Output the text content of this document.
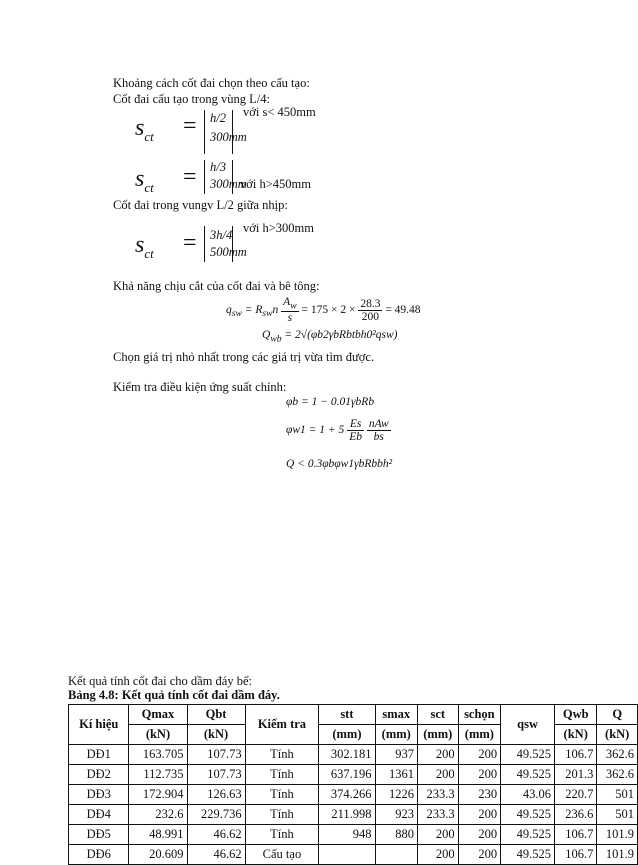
Khoảng cách cốt đai chọn theo cấu tạo:
Cốt đai cấu tạo trong vùng L/4:
$s_{ct} = h/2$
300mm
với s< 450mm
$s_{ct} = h/3$
300mm
với h>450mm
Cốt đai trong vungv L/2 giữa nhịp:
$s_{ct} = 3h/4$
500mm
với h>300mm
Khả năng chịu cắt của cốt đai và bê tông:
$q_{sw} = R_{sw}n \frac{A_w}{s} = 175 \times 2 \times \frac{28.3}{200} = 49.48$
$Q_{wb}$ = 2√(φb2γbRbtbh0²qsw)
Chọn giá trị nhỏ nhất trong các giá trị vừa tìm được.
Kiểm tra điều kiện ứng suất chính:
φb = 1 − 0.01γbRb
$\varphi w1 = 1 + 5 \frac{Es}{Eb}$
$\frac{\text{nAw}}{bs}$
Q < 0.3φbφw1γbRbbh²
Kết quả tính cốt đai cho dầm đáy bể:
Bảng 4.8: Kết quả tính cốt đai dầm đáy.
Kí hiệu	Qmax	Qbt	Kiểm tra	stt	smax	sct	schọn	qsw	Qwb	Q
	(kN)	(kN)		(mm)	(mm)	(mm)	(mm)		(kN)	(kN)
DĐ1	163.705	107.73	Tính	302.181	937	200	200	49.525	106.7	362.6
DĐ2	112.735	107.73	Tính	637.196	1361	200	200	49.525	201.3	362.6
DĐ3	172.904	126.63	Tính	374.266	1226	233.3	230	43.06	220.7	501
DĐ4	232.6	229.736	Tính	211.998	923	233.3	200	49.525	236.6	501
DĐ5	48.991	46.62	Tính	948	880	200	200	49.525	106.7	101.9
DĐ6	20.609	46.62	Cấu tạo			200	200	49.525	106.7	101.9
